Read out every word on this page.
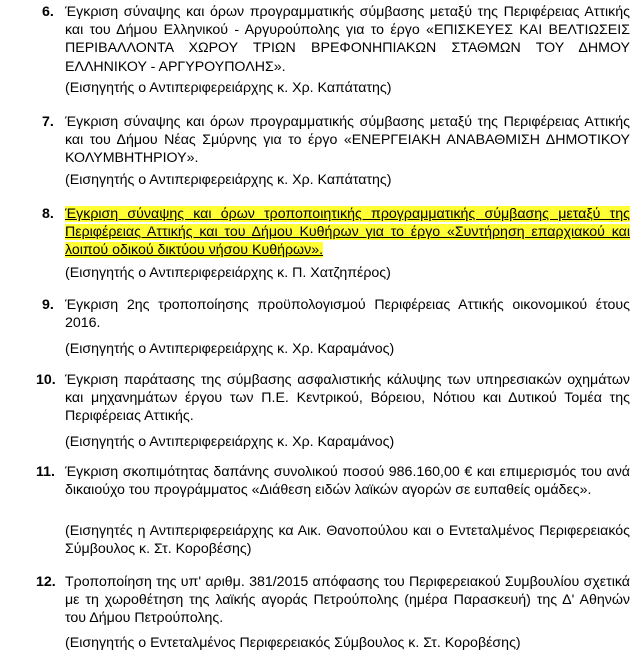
6. Έγκριση σύναψης και όρων προγραμματικής σύμβασης μεταξύ της Περιφέρειας Αττικής και του Δήμου Ελληνικού - Αργυρούπολης για το έργο «ΕΠΙΣΚΕΥΕΣ ΚΑΙ ΒΕΛΤΙΩΣΕΙΣ ΠΕΡΙΒΑΛΛΟΝΤΑ ΧΩΡΟΥ ΤΡΙΩΝ ΒΡΕΦΟΝΗΠΙΑΚΩΝ ΣΤΑΘΜΩΝ ΤΟΥ ΔΗΜΟΥ ΕΛΛΗΝΙΚΟΥ - ΑΡΓΥΡΟΥΠΟΛΗΣ».
(Εισηγητής ο Αντιπεριφερειάρχης κ. Χρ. Καπάτατης)
7. Έγκριση σύναψης και όρων προγραμματικής σύμβασης μεταξύ της Περιφέρειας Αττικής και του Δήμου Νέας Σμύρνης για το έργο «ΕΝΕΡΓΕΙΑΚΗ ΑΝΑΒΑΘΜΙΣΗ ΔΗΜΟΤΙΚΟΥ ΚΟΛΥΜΒΗΤΗΡΙΟΥ».
(Εισηγητής ο Αντιπεριφερειάρχης κ. Χρ. Καπάτατης)
8. Έγκριση σύναψης και όρων τροποποιητικής προγραμματικής σύμβασης μεταξύ της Περιφέρειας Αττικής και του Δήμου Κυθήρων για το έργο «Συντήρηση επαρχιακού και λοιπού οδικού δικτύου νήσου Κυθήρων».
(Εισηγητής ο Αντιπεριφερειάρχης κ. Π. Χατζηπέρος)
9. Έγκριση 2ης τροποποίησης προϋπολογισμού Περιφέρειας Αττικής οικονομικού έτους 2016.
(Εισηγητής ο Αντιπεριφερειάρχης κ. Χρ. Καραμάνος)
10. Έγκριση παράτασης της σύμβασης ασφαλιστικής κάλυψης των υπηρεσιακών οχημάτων και μηχανημάτων έργου των Π.Ε. Κεντρικού, Βόρειου, Νότιου και Δυτικού Τομέα της Περιφέρειας Αττικής.
(Εισηγητής ο Αντιπεριφερειάρχης κ. Χρ. Καραμάνος)
11. Έγκριση σκοπιμότητας δαπάνης συνολικού ποσού 986.160,00 € και επιμερισμός του ανά δικαιούχο του προγράμματος «Διάθεση ειδών λαϊκών αγορών σε ευπαθείς ομάδες».
(Εισηγητές η Αντιπεριφερειάρχης κα Αικ. Θανοπούλου και ο Εντεταλμένος Περιφερειακός Σύμβουλος κ. Στ. Κοροβέσης)
12. Τροποποίηση της υπ' αριθμ. 381/2015 απόφασης του Περιφερειακού Συμβουλίου σχετικά με τη χωροθέτηση της λαϊκής αγοράς Πετρούπολης (ημέρα Παρασκευή) της Δ' Αθηνών του Δήμου Πετρούπολης.
(Εισηγητής ο Εντεταλμένος Περιφερειακός Σύμβουλος κ. Στ. Κοροβέσης)
